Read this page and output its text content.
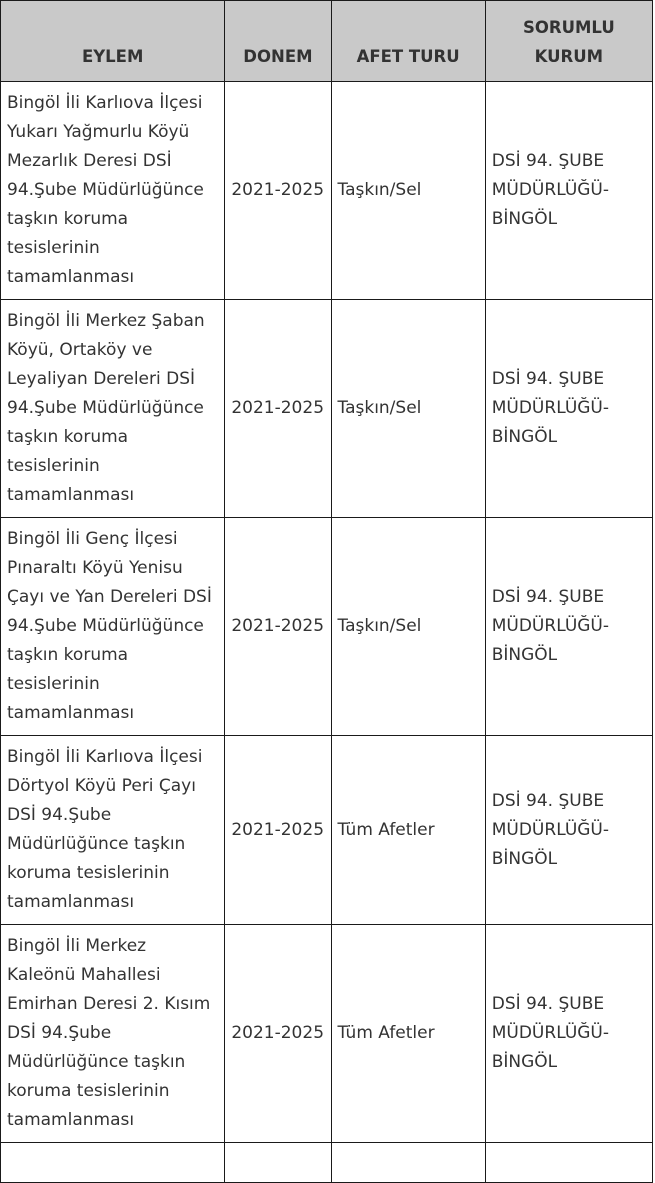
EYLEM	DONEM	AFET TURU	SORUMLU
KURUM

Bingöl İli Karlıova İlçesi Yukarı Yağmurlu Köyü Mezarlık Deresi DSİ 94.Şube Müdürlüğünce taşkın koruma tesislerinin tamamlanması	2021-2025	Taşkın/Sel	DSİ 94. ŞUBE
MÜDÜRLÜĞÜ-
BİNGÖL

Bingöl İli Merkez Şaban Köyü, Ortaköy ve Leyaliyan Dereleri DSİ 94.Şube Müdürlüğünce taşkın koruma tesislerinin tamamlanması	2021-2025	Taşkın/Sel	DSİ 94. ŞUBE
MÜDÜRLÜĞÜ-
BİNGÖL

Bingöl İli Genç İlçesi Pınaraltı Köyü Yenisu Çayı ve Yan Dereleri DSİ 94.Şube Müdürlüğünce taşkın koruma tesislerinin tamamlanması	2021-2025	Taşkın/Sel	DSİ 94. ŞUBE
MÜDÜRLÜĞÜ-
BİNGÖL

Bingöl İli Karlıova İlçesi Dörtyol Köyü Peri Çayı DSİ 94.Şube Müdürlüğünce taşkın koruma tesislerinin tamamlanması	2021-2025	Tüm Afetler	DSİ 94. ŞUBE
MÜDÜRLÜĞÜ-
BİNGÖL

Bingöl İli Merkez Kaleönü Mahallesi Emirhan Deresi 2. Kısım DSİ 94.Şube Müdürlüğünce taşkın koruma tesislerinin tamamlanması	2021-2025	Tüm Afetler	DSİ 94. ŞUBE
MÜDÜRLÜĞÜ-
BİNGÖL
